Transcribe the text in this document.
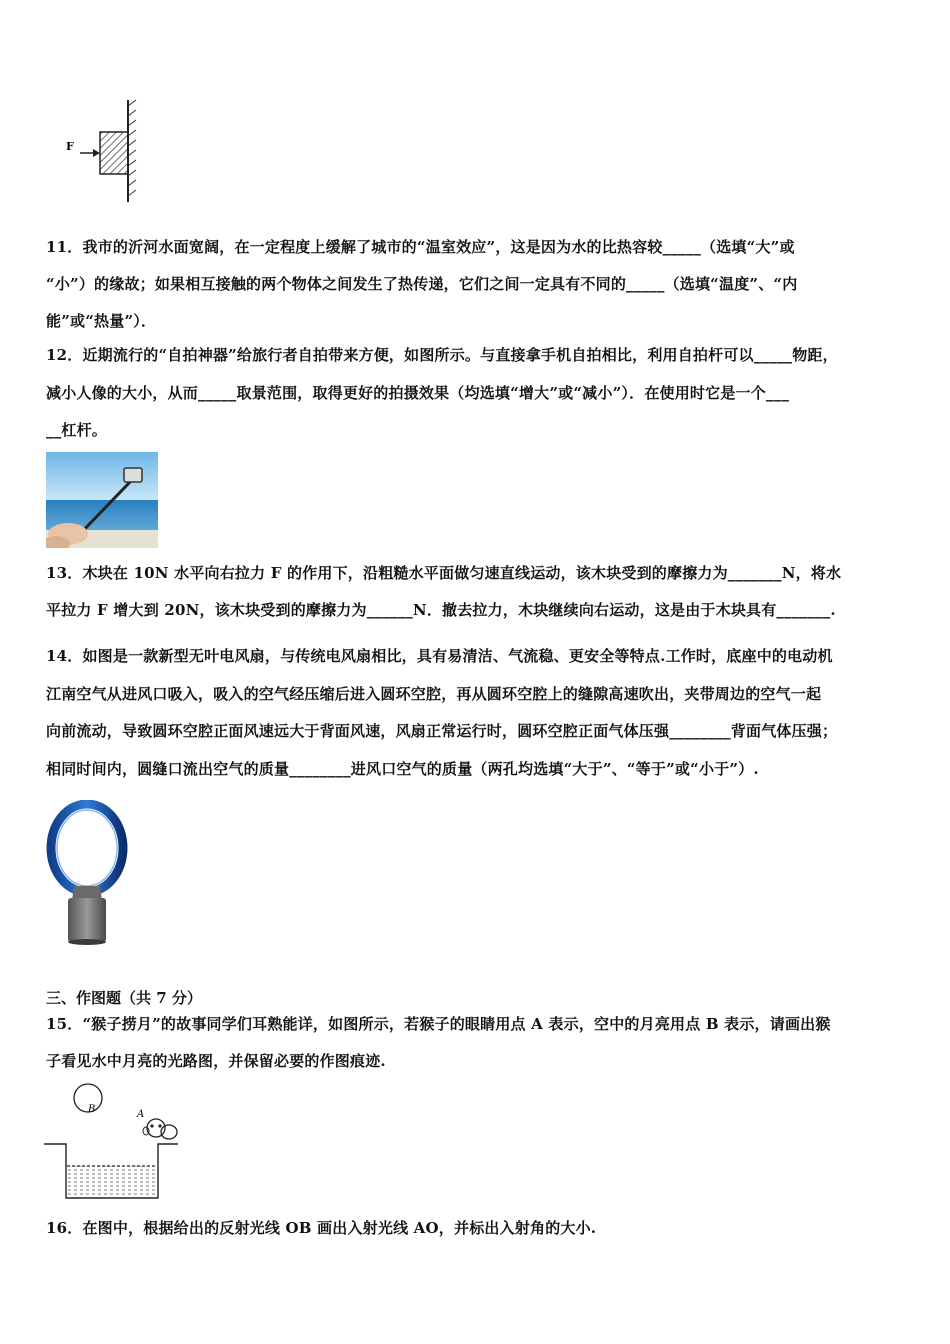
F
11．我市的沂河水面宽阔，在一定程度上缓解了城市的“温室效应”，这是因为水的比热容较_____（选填“大”或
“小”）的缘故；如果相互接触的两个物体之间发生了热传递，它们之间一定具有不同的_____（选填“温度”、“内
能”或“热量”）．
12．近期流行的“自拍神器”给旅行者自拍带来方便，如图所示。与直接拿手机自拍相比，利用自拍杆可以_____物距，
减小人像的大小，从而_____取景范围，取得更好的拍摄效果（均选填“增大”或“减小”）．在使用时它是一个___
__杠杆。
13．木块在 10N 水平向右拉力 F 的作用下，沿粗糙水平面做匀速直线运动，该木块受到的摩擦力为_______N，将水
平拉力 F 增大到 20N，该木块受到的摩擦力为______N．撤去拉力，木块继续向右运动，这是由于木块具有_______.
14．如图是一款新型无叶电风扇，与传统电风扇相比，具有易清洁、气流稳、更安全等特点.工作时，底座中的电动机
江南空气从进风口吸入，吸入的空气经压缩后进入圆环空腔，再从圆环空腔上的缝隙高速吹出，夹带周边的空气一起
向前流动，导致圆环空腔正面风速远大于背面风速，风扇正常运行时，圆环空腔正面气体压强________背面气体压强；
相同时间内，圆缝口流出空气的质量________进风口空气的质量（两孔均选填“大于”、“等于”或“小于”）.
三、作图题（共 7 分）
15．“猴子捞月”的故事同学们耳熟能详，如图所示，若猴子的眼睛用点 A 表示，空中的月亮用点 B 表示，请画出猴
子看见水中月亮的光路图，并保留必要的作图痕迹.
B	A
16．在图中，根据给出的反射光线 OB 画出入射光线 AO，并标出入射角的大小.
